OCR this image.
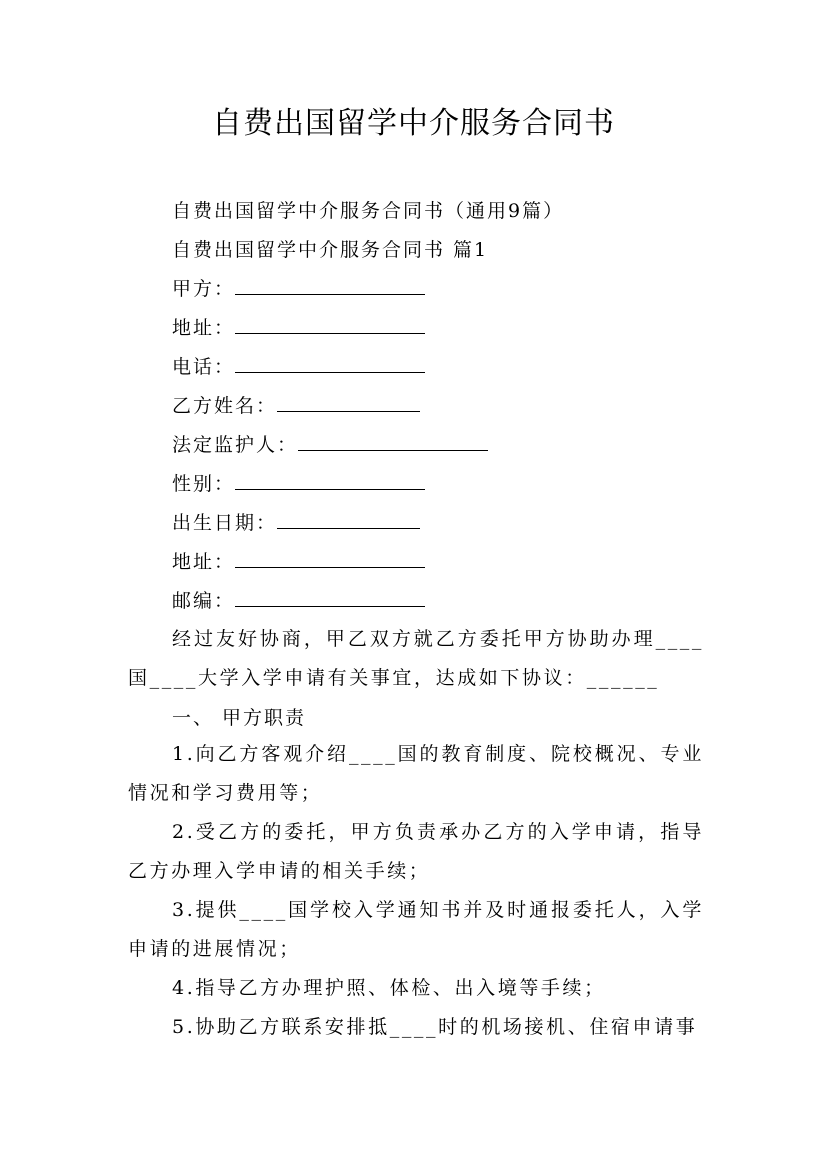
自费出国留学中介服务合同书
自费出国留学中介服务合同书（通用9篇）
自费出国留学中介服务合同书 篇1
甲方：
地址：
电话：
乙方姓名：
法定监护人：
性别：
出生日期：
地址：
邮编：
经过友好协商，甲乙双方就乙方委托甲方协助办理____国____大学入学申请有关事宜，达成如下协议：______
一、 甲方职责
1.向乙方客观介绍____国的教育制度、院校概况、专业情况和学习费用等；
2.受乙方的委托，甲方负责承办乙方的入学申请，指导乙方办理入学申请的相关手续；
3.提供____国学校入学通知书并及时通报委托人，入学申请的进展情况；
4.指导乙方办理护照、体检、出入境等手续；
5.协助乙方联系安排抵____时的机场接机、住宿申请事
